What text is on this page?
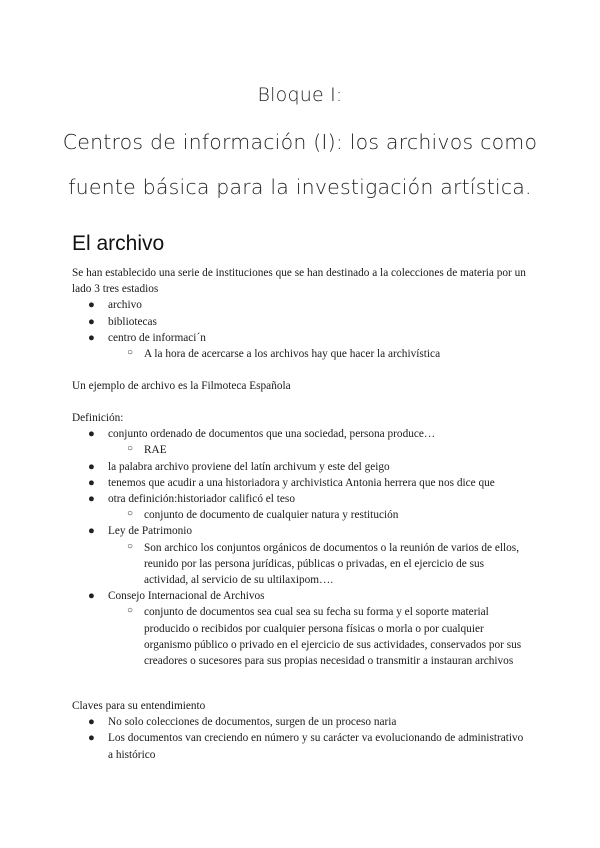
Bloque I:
Centros de información (I): los archivos como
fuente básica para la investigación artística.
El archivo

Se han establecido una serie de instituciones que se han destinado a la colecciones de materia por un lado 3 tres estadios

● archivo
● bibliotecas
● centro de informaci´n
○ A la hora de acercarse a los archivos hay que hacer la archivística

Un ejemplo de archivo es la Filmoteca Española

Definición:

● conjunto ordenado de documentos que una sociedad, persona produce…
○ RAE
● la palabra archivo proviene del latín archivum y este del geigo
● tenemos que acudir a una historiadora y archivistica Antonia herrera que nos dice que
● otra definición:historiador calificó el teso
○ conjunto de documento de cualquier natura y restitución
● Ley de Patrimonio
○ Son archico los conjuntos orgánicos de documentos o la reunión de varios de ellos, reunido por las persona jurídicas, públicas o privadas, en el ejercicio de sus actividad, al servicio de su ultilaxipom….
● Consejo Internacional de Archivos
○ conjunto de documentos sea cual sea su fecha su forma y el soporte material producido o recibidos por cualquier persona físicas o morla o por cualquier organismo público o privado en el ejercicio de sus actividades, conservados por sus creadores o sucesores para sus propias necesidad o transmitir a instauran archivos

Claves para su entendimiento

● No solo colecciones de documentos, surgen de un proceso naria
● Los documentos van creciendo en número y su carácter va evolucionando de administrativo a histórico
